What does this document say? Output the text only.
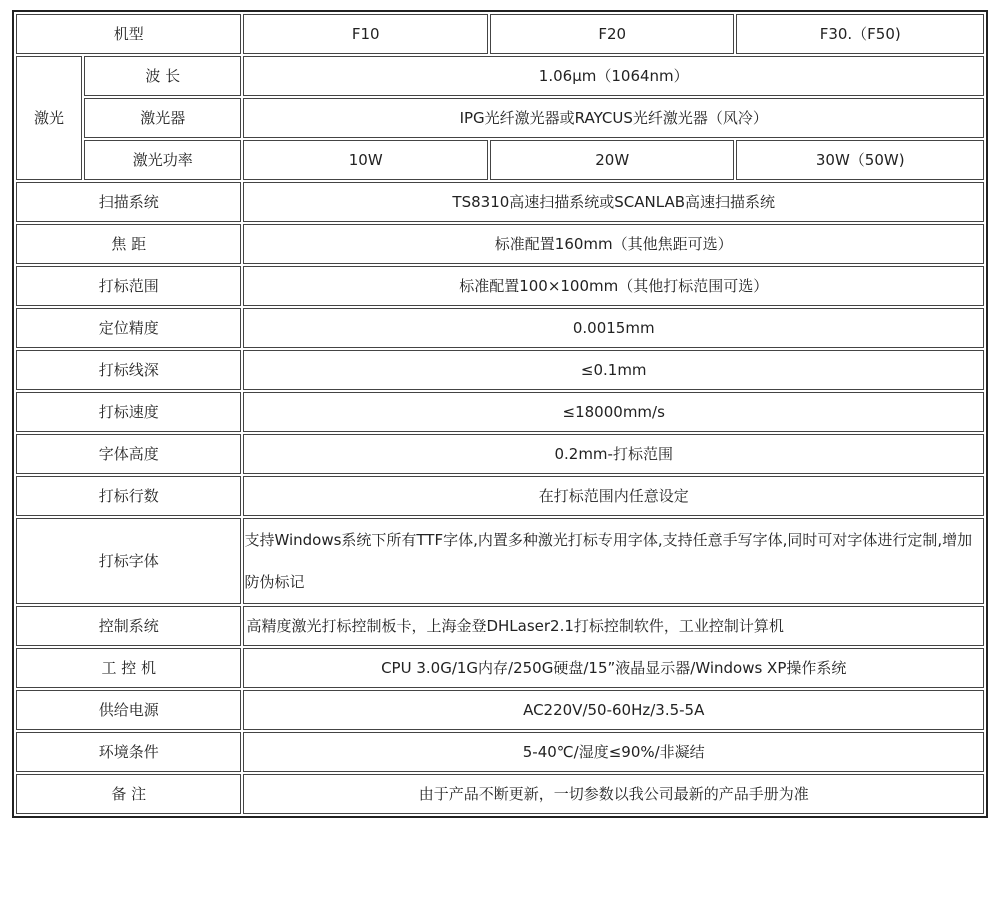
机型		F10	F20	F30.（F50)
激光	波 长	1.06μm（1064nm）		
	激光器	IPG光纤激光器或RAYCUS光纤激光器（风冷）		
	激光功率	10W	20W	30W（50W)
扫描系统		TS8310高速扫描系统或SCANLAB高速扫描系统		
焦 距		标准配置160mm（其他焦距可选）		
打标范围		标准配置100×100mm（其他打标范围可选）		
定位精度		0.0015mm		
打标线深		≤0.1mm		
打标速度		≤18000mm/s		
字体高度		0.2mm-打标范围		
打标行数		在打标范围内任意设定		
打标字体		支持Windows系统下所有TTF字体,内置多种激光打标专用字体,支持任意手写字体,同时可对字体进行定制,增加防伪标记		
控制系统		高精度激光打标控制板卡，上海金登DHLaser2.1打标控制软件，工业控制计算机		
工 控 机		CPU 3.0G/1G内存/250G硬盘/15”液晶显示器/Windows XP操作系统		
供给电源		AC220V/50-60Hz/3.5-5A		
环境条件		5-40℃/湿度≤90%/非凝结		
备 注		由于产品不断更新，一切参数以我公司最新的产品手册为准		
